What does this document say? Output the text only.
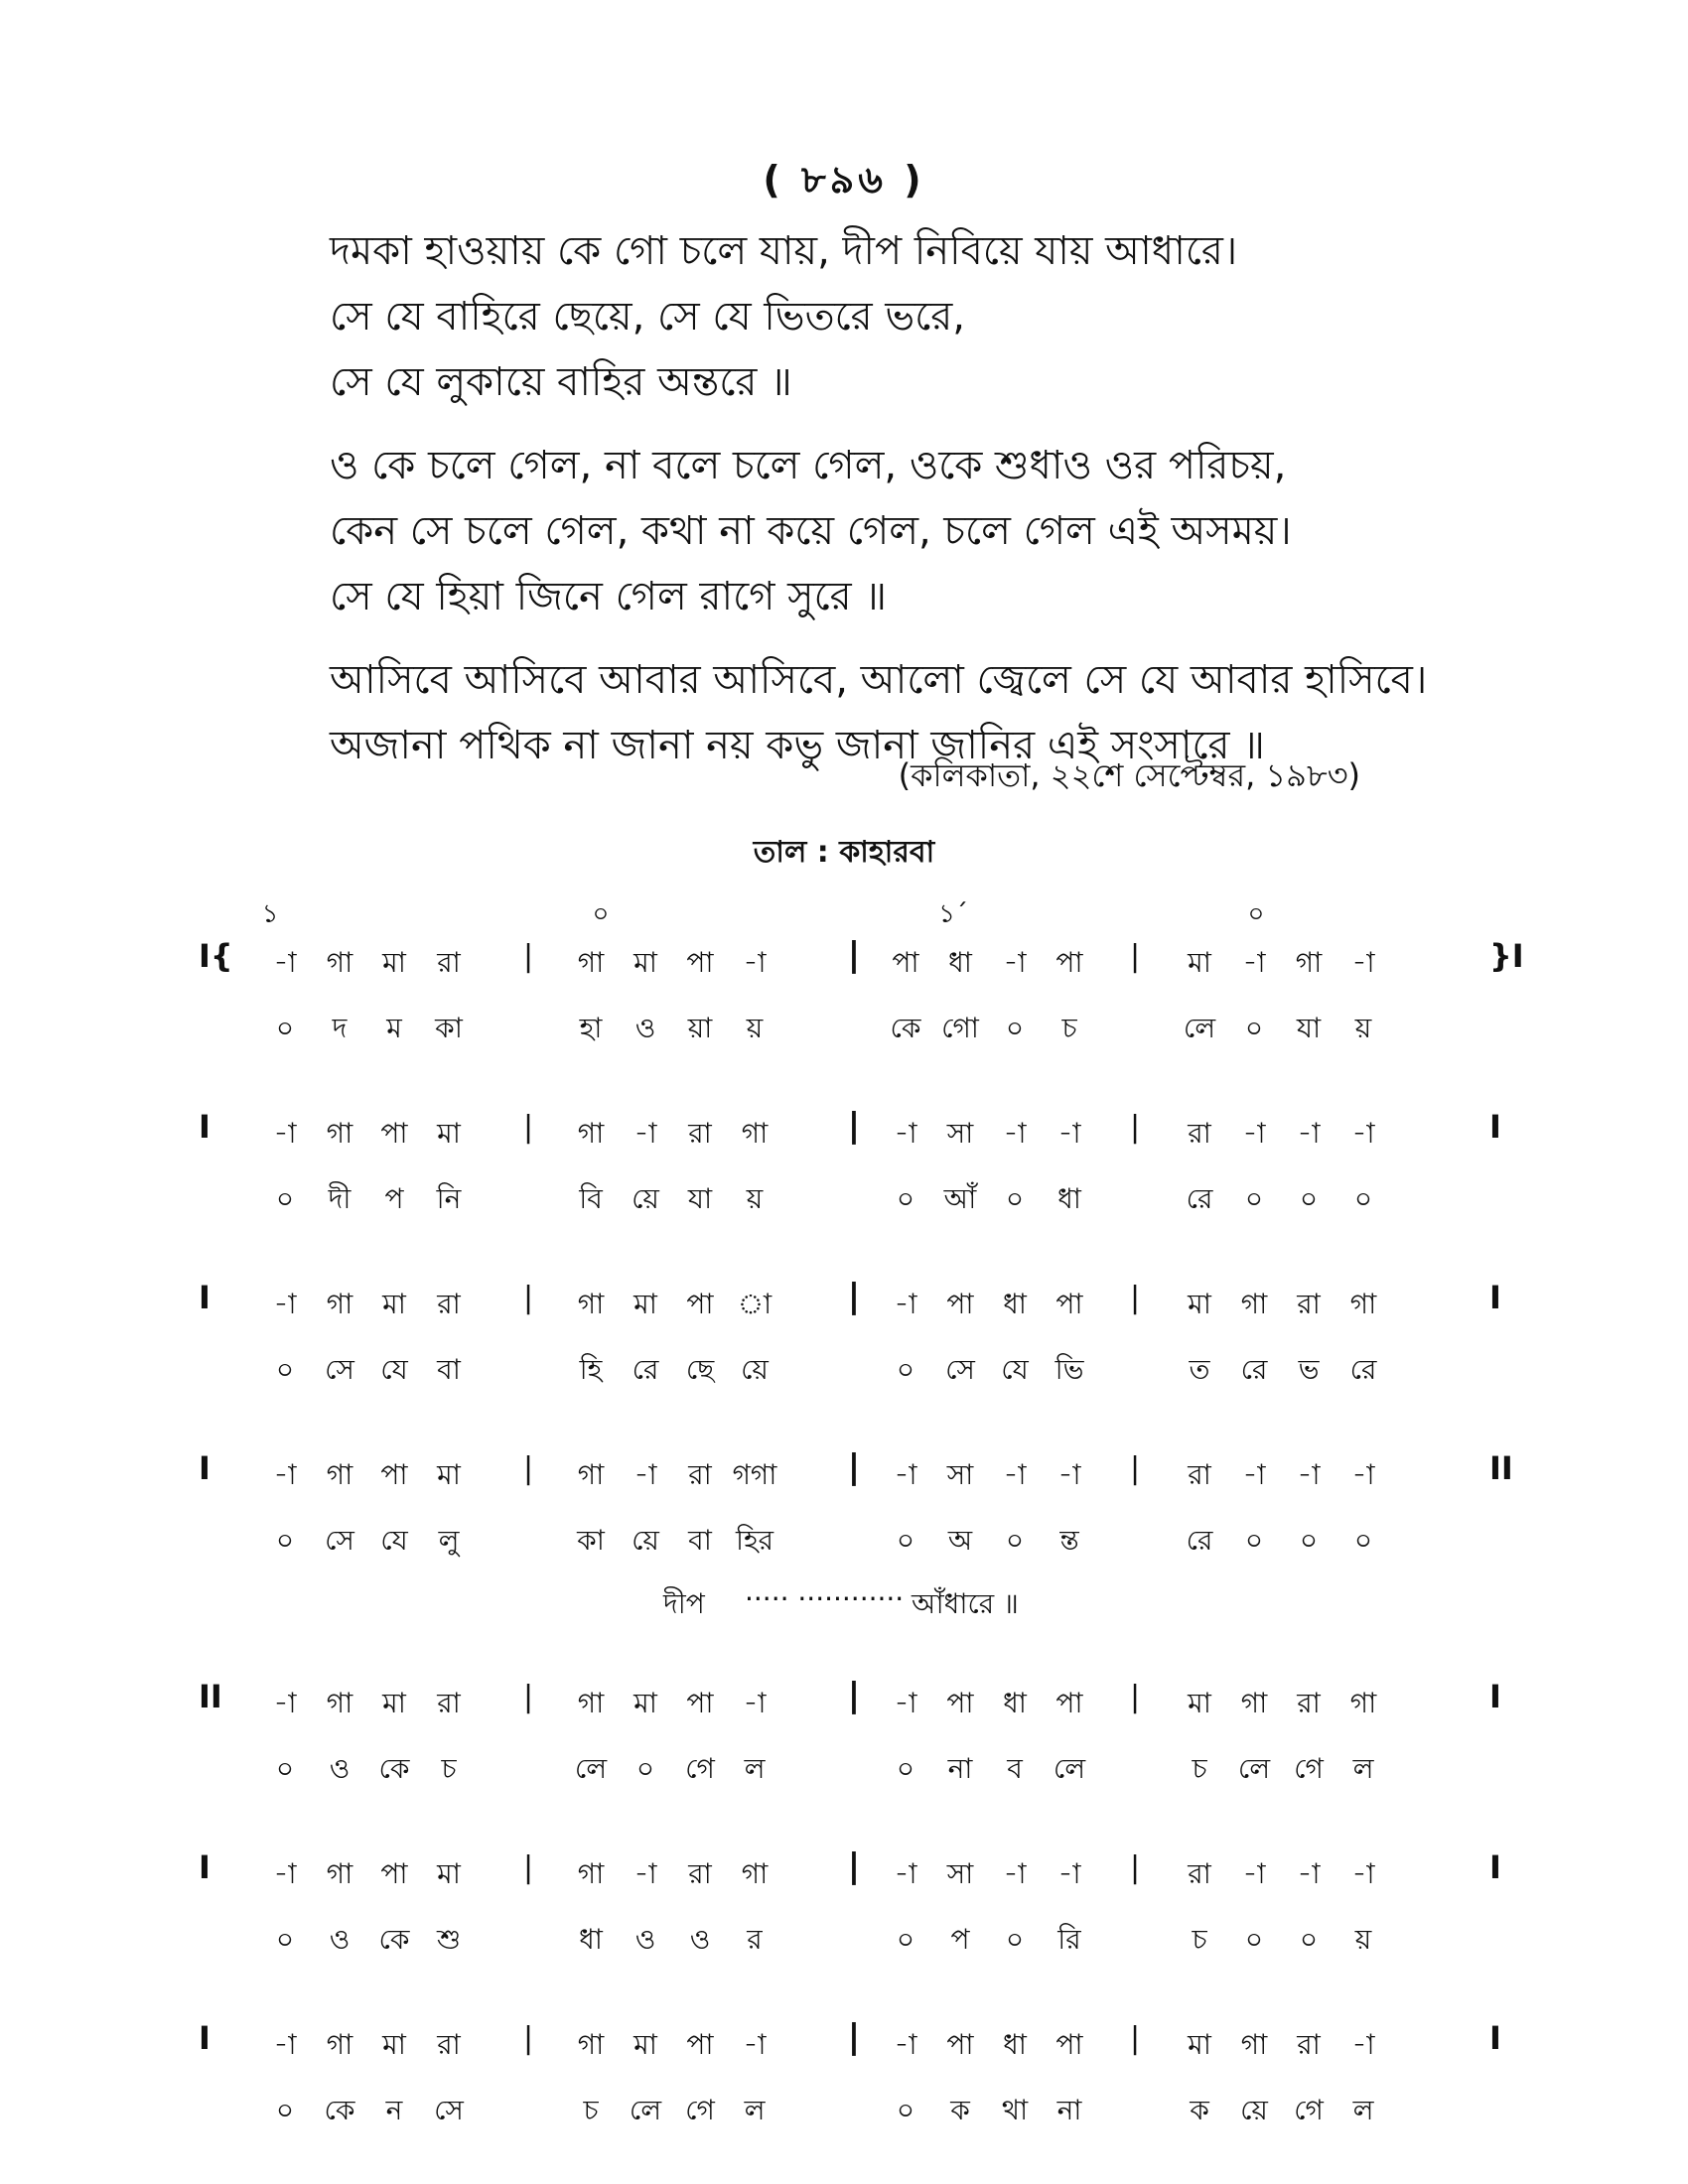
( ৮৯৬ )
দমকা হাওয়ায় কে গো চলে যায়, দীপ নিবিয়ে যায় আধারে।
সে যে বাহিরে ছেয়ে, সে যে ভিতরে ভরে,
সে যে লুকায়ে বাহির অন্তরে ॥
ও কে চলে গেল, না বলে চলে গেল, ওকে শুধাও ওর পরিচয়,
কেন সে চলে গেল, কথা না কয়ে গেল, চলে গেল এই অসময়।
সে যে হিয়া জিনে গেল রাগে সুরে ॥
আসিবে আসিবে আবার আসিবে, আলো জ্বেলে সে যে আবার হাসিবে।
অজানা পথিক না জানা নয় কভু জানা জানির এই সংসারে ॥
(কলিকাতা, ২২শে সেপ্টেম্বর, ১৯৮৩)
তাল : কাহারবা
১	০	১´	০
I{	}I
|	|	|
-া গা মা রা	গা মা পা -া	পা ধা -া পা	মা -া গা -া
০ দ ম কা	হা ও য়া য়	কে গো ০ চ	লে ০ যা য়
I	I
|	|	|
-া গা পা মা	গা -া রা গা	-া সা -া -া	রা -া -া -া
০ দী প নি	বি য়ে যা য়	০ আঁ ০ ধা	রে ০ ০ ০
I	I
|	|	|
-া গা মা রা	গা মা পা া	-া পা ধা পা	মা গা রা গা
০ সে যে বা	হি রে ছে য়ে	০ সে যে ভি	ত রে ভ রে
I	II
|	|	|
-া গা পা মা	গা -া রা গগা	-া সা -া -া	রা -া -া -া
০ সে যে লু	কা য়ে বা হির	০ অ ০ ন্ত	রে ০ ০ ০
দীপ ····· ············ আঁধারে ॥
II	I
|	|	|
-া গা মা রা	গা মা পা -া	-া পা ধা পা	মা গা রা গা
০ ও কে চ	লে ০ গে ল	০ না ব লে	চ লে গে ল
I	I
|	|	|
-া গা পা মা	গা -া রা গা	-া সা -া -া	রা -া -া -া
০ ও কে শু	ধা ও ও র	০ প ০ রি	চ ০ ০ য়
I	I
|	|	|
-া গা মা রা	গা মা পা -া	-া পা ধা পা	মা গা রা -া
০ কে ন সে	চ লে গে ল	০ ক থা না	ক য়ে গে ল
